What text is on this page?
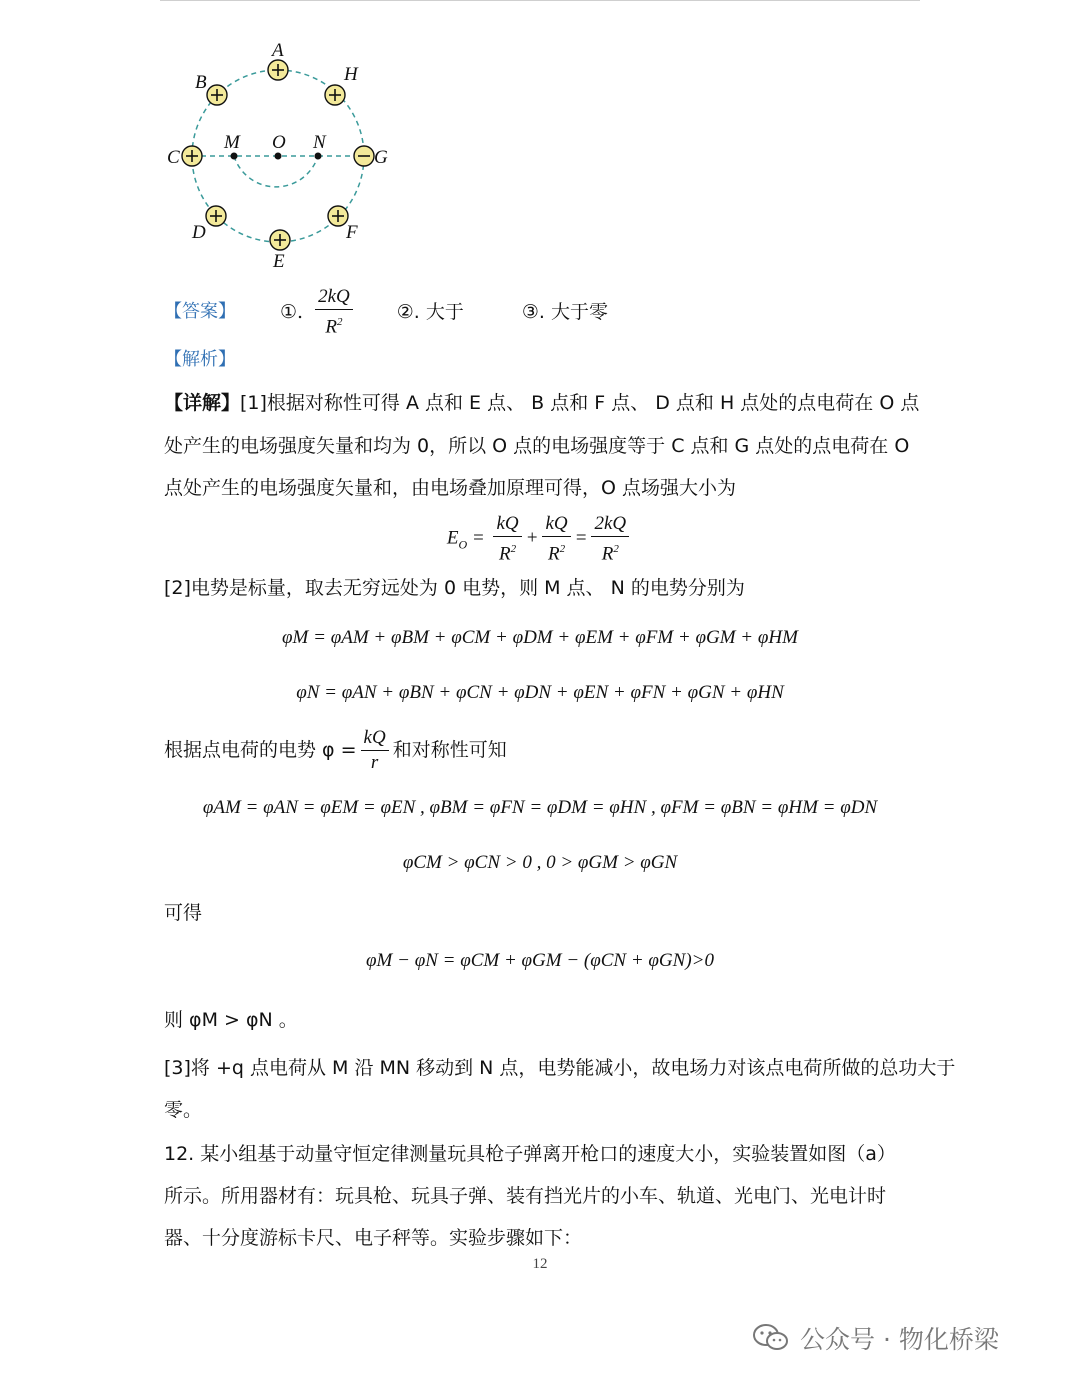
A
B	H
C	G
M O N
D	F
E
【答案】 ①. $\frac{2kQ}{R^2}$ ②. 大于	③. 大于零
【解析】
【详解】[1]根据对称性可得 A 点和 E 点、 B 点和 F 点、 D 点和 H 点处的点电荷在 O 点
处产生的电场强度矢量和均为 0，所以 O 点的电场强度等于 C 点和 G 点处的点电荷在 O
点处产生的电场强度矢量和，由电场叠加原理可得，O 点场强大小为
$E_O = \frac{kQ}{R^2} + \frac{kQ}{R^2} = \frac{2kQ}{R^2}$
[2]电势是标量，取去无穷远处为 0 电势，则 M 点、 N 的电势分别为
φM = φAM + φBM + φCM + φDM + φEM + φFM + φGM + φHM
φN = φAN + φBN + φCN + φDN + φEN + φFN + φGN + φHN
根据点电荷的电势 $\varphi = \frac{kQ}{r}$ 和对称性可知
φAM = φAN = φEM = φEN , φBM = φFN = φDM = φHN , φFM = φBN = φHM = φDN
φCM > φCN > 0 , 0 > φGM > φGN
可得
φM − φN = φCM + φGM − (φCN + φGN)>0
则 φM > φN 。
[3]将 +q 点电荷从 M 沿 MN 移动到 N 点，电势能减小，故电场力对该点电荷所做的总功大于
零。
12. 某小组基于动量守恒定律测量玩具枪子弹离开枪口的速度大小，实验装置如图（a）
所示。所用器材有：玩具枪、玩具子弹、装有挡光片的小车、轨道、光电门、光电计时
器、十分度游标卡尺、电子秤等。实验步骤如下：
12
公众号 · 物化桥梁
